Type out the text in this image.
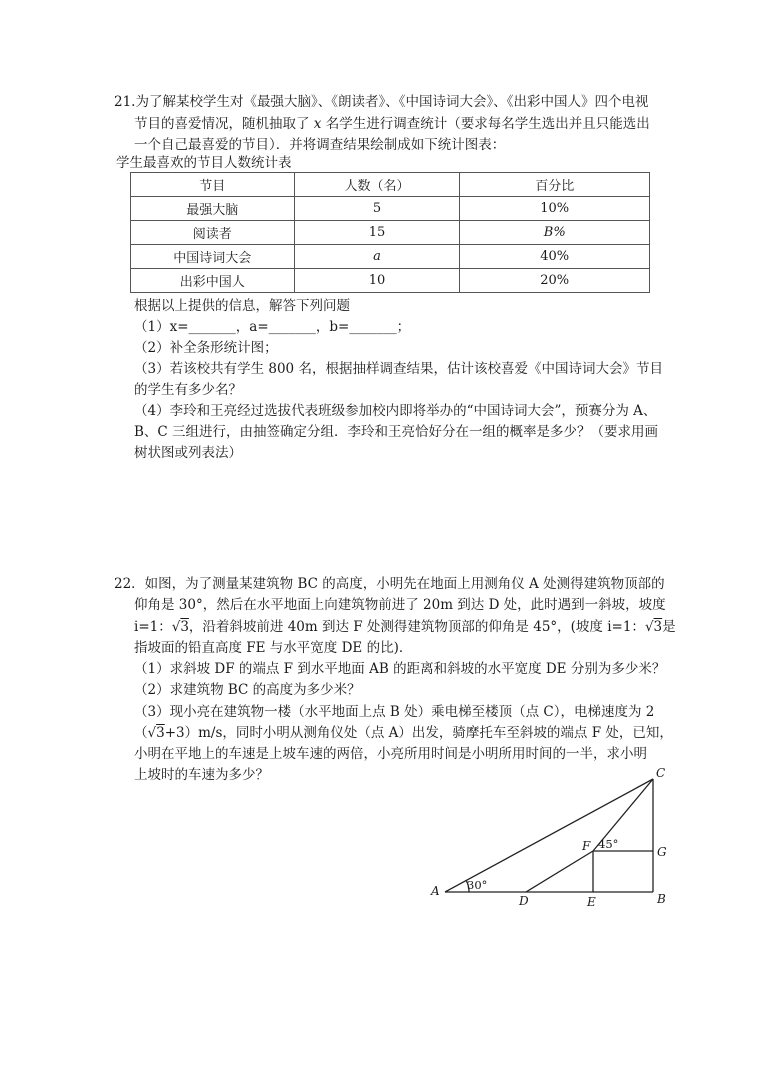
21.为了解某校学生对《最强大脑》、《朗读者》、《中国诗词大会》、《出彩中国人》四个电视
节目的喜爱情况，随机抽取了 x 名学生进行调查统计（要求每名学生选出并且只能选出
一个自己最喜爱的节目）．并将调查结果绘制成如下统计图表：
学生最喜欢的节目人数统计表
节目	人数（名）	百分比
最强大脑	5	10%
阅读者	15	B%
中国诗词大会	a	40%
出彩中国人	10	20%
根据以上提供的信息，解答下列问题
（1）x=_______，a=_______，b=_______；
（2）补全条形统计图；
（3）若该校共有学生 800 名，根据抽样调查结果，估计该校喜爱《中国诗词大会》节目
的学生有多少名？
（4）李玲和王亮经过选拔代表班级参加校内即将举办的“中国诗词大会”，预赛分为 A、
B、C 三组进行，由抽签确定分组．李玲和王亮恰好分在一组的概率是多少？（要求用画
树状图或列表法）
22．如图，为了测量某建筑物 BC 的高度，小明先在地面上用测角仪 A 处测得建筑物顶部的
仰角是 30°，然后在水平地面上向建筑物前进了 20m 到达 D 处，此时遇到一斜坡，坡度
i=1：√3，沿着斜坡前进 40m 到达 F 处测得建筑物顶部的仰角是 45°，(坡度 i=1：√3是
指坡面的铅直高度 FE 与水平宽度 DE 的比)．
（1）求斜坡 DF 的端点 F 到水平地面 AB 的距离和斜坡的水平宽度 DE 分别为多少米？
（2）求建筑物 BC 的高度为多少米？
（3）现小亮在建筑物一楼（水平地面上点 B 处）乘电梯至楼顶（点 C），电梯速度为 2
（√3+3）m/s，同时小明从测角仪处（点 A）出发，骑摩托车至斜坡的端点 F 处，已知，
小明在平地上的车速是上坡车速的两倍，小亮所用时间是小明所用时间的一半，求小明
上坡时的车速为多少？
A
B
C
D	E
F	G
30°
45°
